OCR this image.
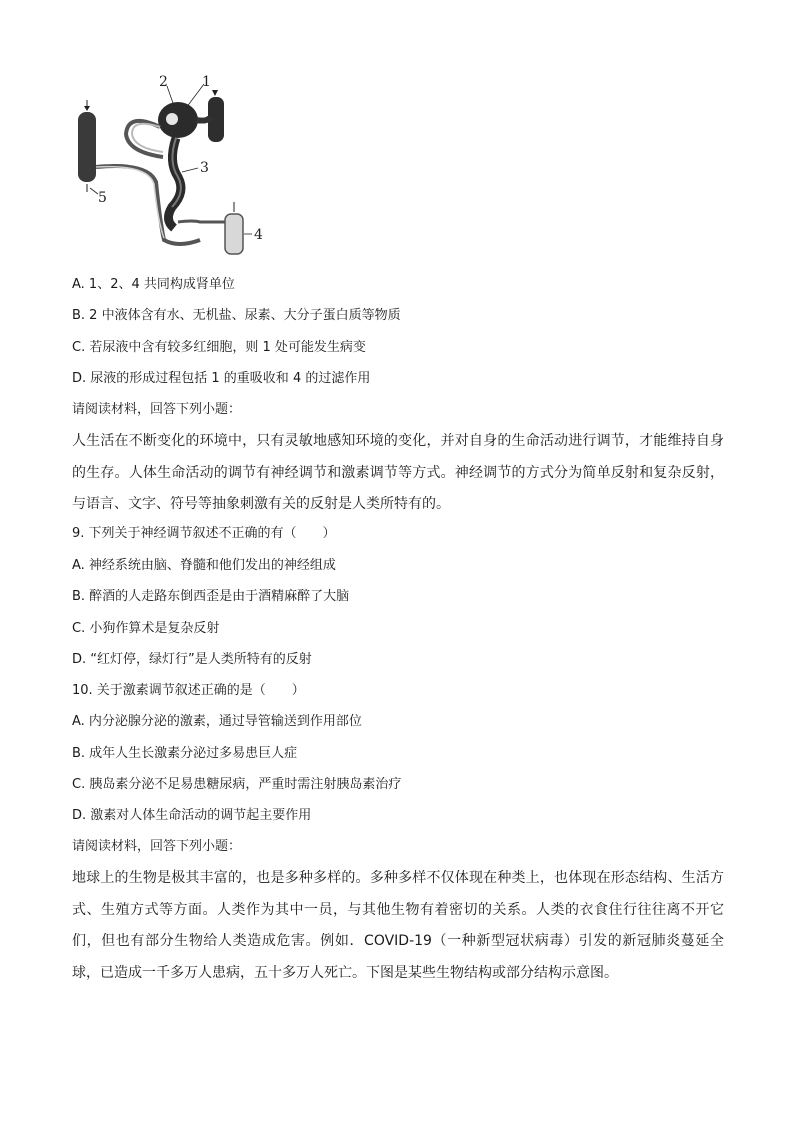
1
2
3
4
5
A. 1、2、4 共同构成肾单位
B. 2 中液体含有水、无机盐、尿素、大分子蛋白质等物质
C. 若尿液中含有较多红细胞，则 1 处可能发生病变
D. 尿液的形成过程包括 1 的重吸收和 4 的过滤作用
请阅读材料，回答下列小题：
人生活在不断变化的环境中，只有灵敏地感知环境的变化，并对自身的生命活动进行调节，才能维持自身的生存。人体生命活动的调节有神经调节和激素调节等方式。神经调节的方式分为简单反射和复杂反射，与语言、文字、符号等抽象刺激有关的反射是人类所特有的。
9. 下列关于神经调节叙述不正确的有（　　）
A. 神经系统由脑、脊髓和他们发出的神经组成
B. 醉酒的人走路东倒西歪是由于酒精麻醉了大脑
C. 小狗作算术是复杂反射
D. “红灯停，绿灯行”是人类所特有的反射
10. 关于激素调节叙述正确的是（　　）
A. 内分泌腺分泌的激素，通过导管输送到作用部位
B. 成年人生长激素分泌过多易患巨人症
C. 胰岛素分泌不足易患糖尿病，严重时需注射胰岛素治疗
D. 激素对人体生命活动的调节起主要作用
请阅读材料，回答下列小题：
地球上的生物是极其丰富的，也是多种多样的。多种多样不仅体现在种类上，也体现在形态结构、生活方式、生殖方式等方面。人类作为其中一员，与其他生物有着密切的关系。人类的衣食住行往往离不开它们，但也有部分生物给人类造成危害。例如．COVID-19（一种新型冠状病毒）引发的新冠肺炎蔓延全球，已造成一千多万人患病，五十多万人死亡。下图是某些生物结构或部分结构示意图。
